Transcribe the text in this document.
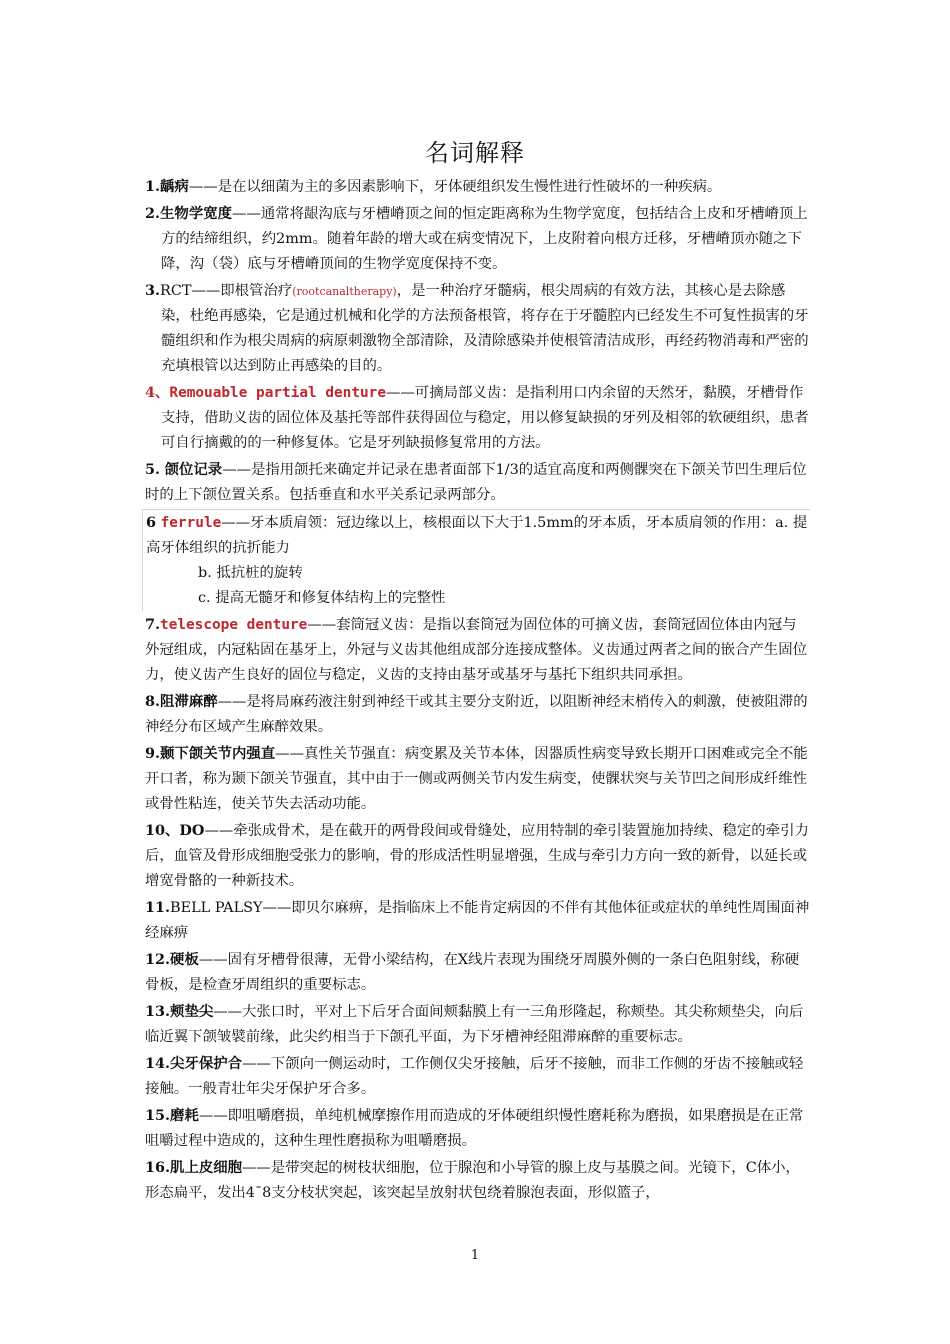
名词解释

1.龋病——是在以细菌为主的多因素影响下，牙体硬组织发生慢性进行性破坏的一种疾病。

2.生物学宽度——通常将龈沟底与牙槽嵴顶之间的恒定距离称为生物学宽度，包括结合上皮和牙槽嵴顶上方的结缔组织，约2mm。随着年龄的增大或在病变情况下，上皮附着向根方迁移，牙槽嵴顶亦随之下降，沟（袋）底与牙槽嵴顶间的生物学宽度保持不变。

3.RCT——即根管治疗(rootcanaltherapy)，是一种治疗牙髓病，根尖周病的有效方法，其核心是去除感染，杜绝再感染，它是通过机械和化学的方法预备根管，将存在于牙髓腔内已经发生不可复性损害的牙髓组织和作为根尖周病的病原刺激物全部清除，及清除感染并使根管清洁成形，再经药物消毒和严密的充填根管以达到防止再感染的目的。

4、Remouable partial denture——可摘局部义齿：是指利用口内余留的天然牙，黏膜，牙槽骨作支持，借助义齿的固位体及基托等部件获得固位与稳定，用以修复缺损的牙列及相邻的软硬组织，患者可自行摘戴的的一种修复体。它是牙列缺损修复常用的方法。

5. 颌位记录——是指用颌托来确定并记录在患者面部下1/3的适宜高度和两侧髁突在下颌关节凹生理后位时的上下颌位置关系。包括垂直和水平关系记录两部分。

6 ferrule——牙本质肩领：冠边缘以上，核根面以下大于1.5mm的牙本质，牙本质肩领的作用：a. 提高牙体组织的抗折能力
b. 抵抗桩的旋转
c. 提高无髓牙和修复体结构上的完整性

7.telescope denture——套筒冠义齿：是指以套筒冠为固位体的可摘义齿，套筒冠固位体由内冠与外冠组成，内冠粘固在基牙上，外冠与义齿其他组成部分连接成整体。义齿通过两者之间的嵌合产生固位力，使义齿产生良好的固位与稳定，义齿的支持由基牙或基牙与基托下组织共同承担。

8.阻滞麻醉——是将局麻药液注射到神经干或其主要分支附近，以阻断神经末梢传入的刺激，使被阻滞的神经分布区域产生麻醉效果。

9.颞下颌关节内强直——真性关节强直：病变累及关节本体，因器质性病变导致长期开口困难或完全不能开口者，称为颞下颌关节强直，其中由于一侧或两侧关节内发生病变，使髁状突与关节凹之间形成纤维性或骨性粘连，使关节失去活动功能。

10、DO——牵张成骨术，是在截开的两骨段间或骨缝处，应用特制的牵引装置施加持续、稳定的牵引力后，血管及骨形成细胞受张力的影响，骨的形成活性明显增强，生成与牵引力方向一致的新骨，以延长或增宽骨骼的一种新技术。

11.BELL PALSY——即贝尔麻痹，是指临床上不能肯定病因的不伴有其他体征或症状的单纯性周围面神经麻痹

12.硬板——固有牙槽骨很薄，无骨小梁结构，在X线片表现为围绕牙周膜外侧的一条白色阻射线，称硬骨板，是检查牙周组织的重要标志。

13.颊垫尖——大张口时，平对上下后牙合面间颊黏膜上有一三角形隆起，称颊垫。其尖称颊垫尖，向后临近翼下颌皱襞前缘，此尖约相当于下颌孔平面，为下牙槽神经阻滞麻醉的重要标志。

14.尖牙保护合——下颌向一侧运动时，工作侧仅尖牙接触，后牙不接触，而非工作侧的牙齿不接触或轻接触。一般青壮年尖牙保护牙合多。

15.磨耗——即咀嚼磨损，单纯机械摩擦作用而造成的牙体硬组织慢性磨耗称为磨损，如果磨损是在正常咀嚼过程中造成的，这种生理性磨损称为咀嚼磨损。

16.肌上皮细胞——是带突起的树枝状细胞，位于腺泡和小导管的腺上皮与基膜之间。光镜下，C体小，形态扁平，发出4¯8支分枝状突起，该突起呈放射状包绕着腺泡表面，形似篮子，

1
